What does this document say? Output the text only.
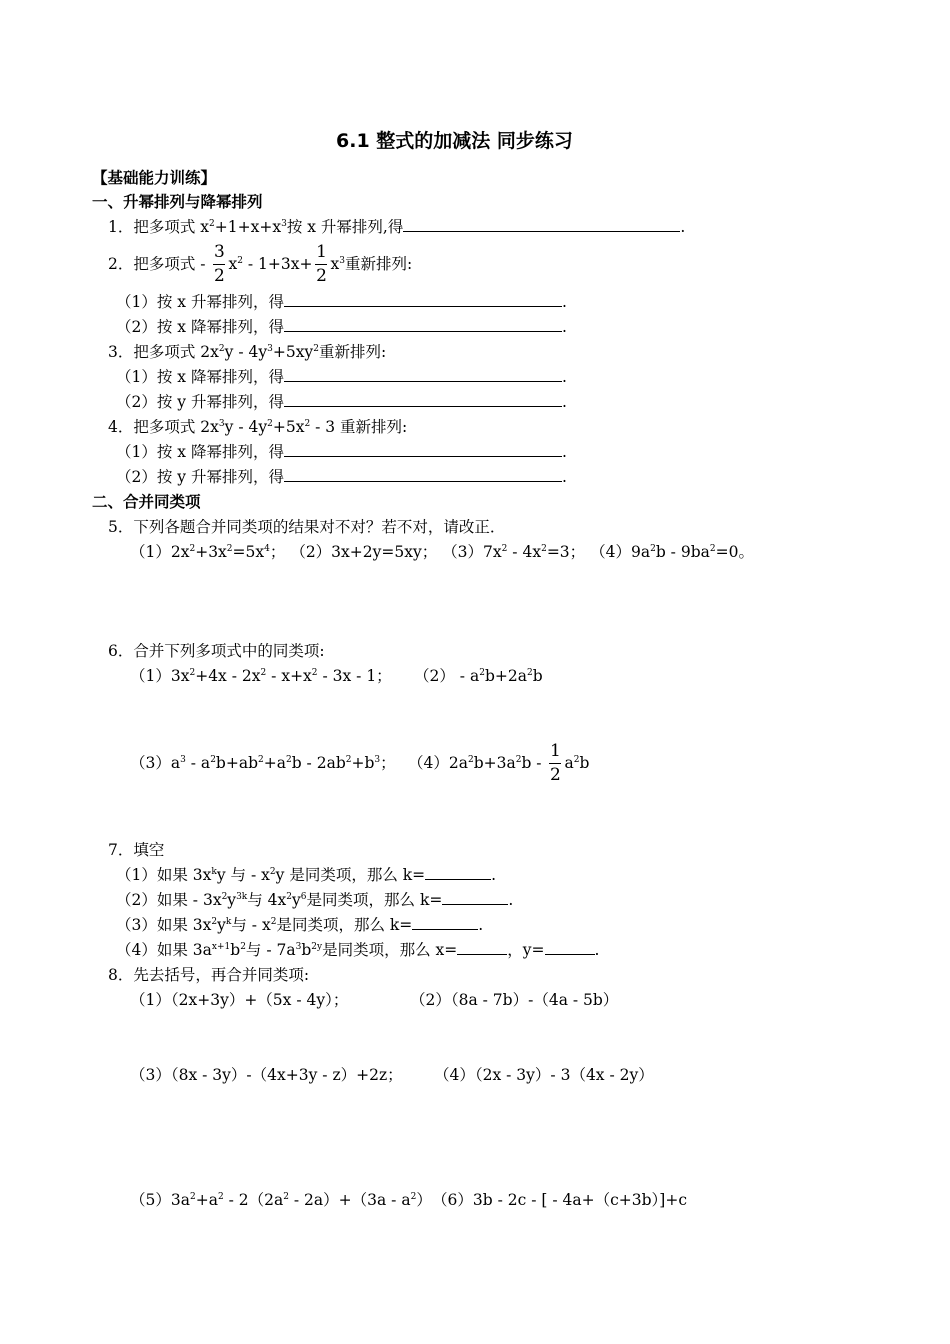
6.1 整式的加减法 同步练习
【基础能力训练】
一、升幂排列与降幂排列
1．把多项式 $x^2+1+x+x^3$按 x 升幂排列,得	.
2．把多项式 - $\frac{3}{2} x^2 - 1+3x+ \frac{1}{2} x^3$重新排列:
（1）按 x 升幂排列，得	.
（2）按 x 降幂排列，得	.
3．把多项式 $2x^2y - 4y^3+5xy^2$重新排列:
（1）按 x 降幂排列，得	.
（2）按 y 升幂排列，得	.
4．把多项式 $2x^3y - 4y^2+5x^2 - 3$ 重新排列:
（1）按 x 降幂排列，得	.
（2）按 y 升幂排列，得	.
二、合并同类项
5．下列各题合并同类项的结果对不对？若不对，请改正．
$(1)2x^2+3x^2=5x^4$； （2）3x+2y=5xy； $(3)7x^2 - 4x^2=3$； $(4)9a^2b - 9ba^2=0$。
6．合并下列多项式中的同类项:
$(1)3x^2+4x - 2x^2 - x+x^2 - 3x - 1$； $(2) - a^2b+2a^2b$
$(3)a^3 - a^2b+ab^2+a^2b - 2ab^2+b^3$； $(4)2a^2b+3a^2b - \frac{1}{2} a^2b$
7．填空
（1）如果 $3x^ky$ 与 - $x^2y$ 是同类项，那么 k=	.
（2）如果 - $3x^2y^{3k}$与 $4x^2y^6$是同类项，那么 k=	.
（3）如果 $3x^2y^k$与 - $x^2$是同类项，那么 k=	.
（4）如果 $3a^{x+1}b^2$与 - $7a^3b^{2y}$是同类项，那么 x=	，y=	.
8．先去括号，再合并同类项:
（1）（2x+3y）+（5x - 4y）；	（2）（8a - 7b）-（4a - 5b）
（3）（8x - 3y）-（4x+3y - z）+2z； （4）（2x - 3y）- 3（4x - 2y）
$(5)3a^2+a^2 - 2(2a^2 - 2a)+(3a - a^2)$ （6）3b - 2c - [ - 4a+（c+3b）]+c
